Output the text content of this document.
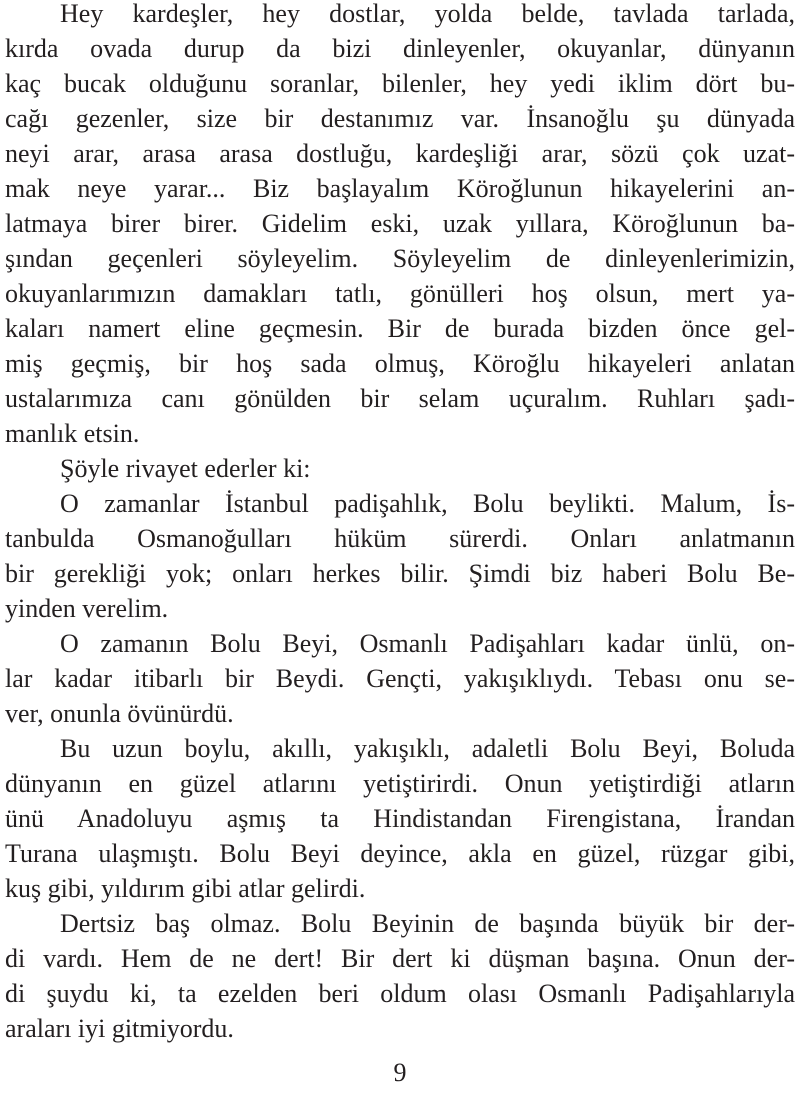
Hey kardeşler, hey dostlar, yolda belde, tavlada tarlada,
kırda ovada durup da bizi dinleyenler, okuyanlar, dünyanın
kaç bucak olduğunu soranlar, bilenler, hey yedi iklim dört bu-
cağı gezenler, size bir destanımız var. İnsanoğlu şu dünyada
neyi arar, arasa arasa dostluğu, kardeşliği arar, sözü çok uzat-
mak neye yarar... Biz başlayalım Köroğlunun hikayelerini an-
latmaya birer birer. Gidelim eski, uzak yıllara, Köroğlunun ba-
şından geçenleri söyleyelim. Söyleyelim de dinleyenlerimizin,
okuyanlarımızın damakları tatlı, gönülleri hoş olsun, mert ya-
kaları namert eline geçmesin. Bir de burada bizden önce gel-
miş geçmiş, bir hoş sada olmuş, Köroğlu hikayeleri anlatan
ustalarımıza canı gönülden bir selam uçuralım. Ruhları şadı-
manlık etsin.
Şöyle rivayet ederler ki:
O zamanlar İstanbul padişahlık, Bolu beylikti. Malum, İs-
tanbulda Osmanoğulları hüküm sürerdi. Onları anlatmanın
bir gerekliği yok; onları herkes bilir. Şimdi biz haberi Bolu Be-
yinden verelim.
O zamanın Bolu Beyi, Osmanlı Padişahları kadar ünlü, on-
lar kadar itibarlı bir Beydi. Gençti, yakışıklıydı. Tebası onu se-
ver, onunla övünürdü.
Bu uzun boylu, akıllı, yakışıklı, adaletli Bolu Beyi, Boluda
dünyanın en güzel atlarını yetiştirirdi. Onun yetiştirdiği atların
ünü Anadoluyu aşmış ta Hindistandan Firengistana, İrandan
Turana ulaşmıştı. Bolu Beyi deyince, akla en güzel, rüzgar gibi,
kuş gibi, yıldırım gibi atlar gelirdi.
Dertsiz baş olmaz. Bolu Beyinin de başında büyük bir der-
di vardı. Hem de ne dert! Bir dert ki düşman başına. Onun der-
di şuydu ki, ta ezelden beri oldum olası Osmanlı Padişahlarıyla
araları iyi gitmiyordu.
9
